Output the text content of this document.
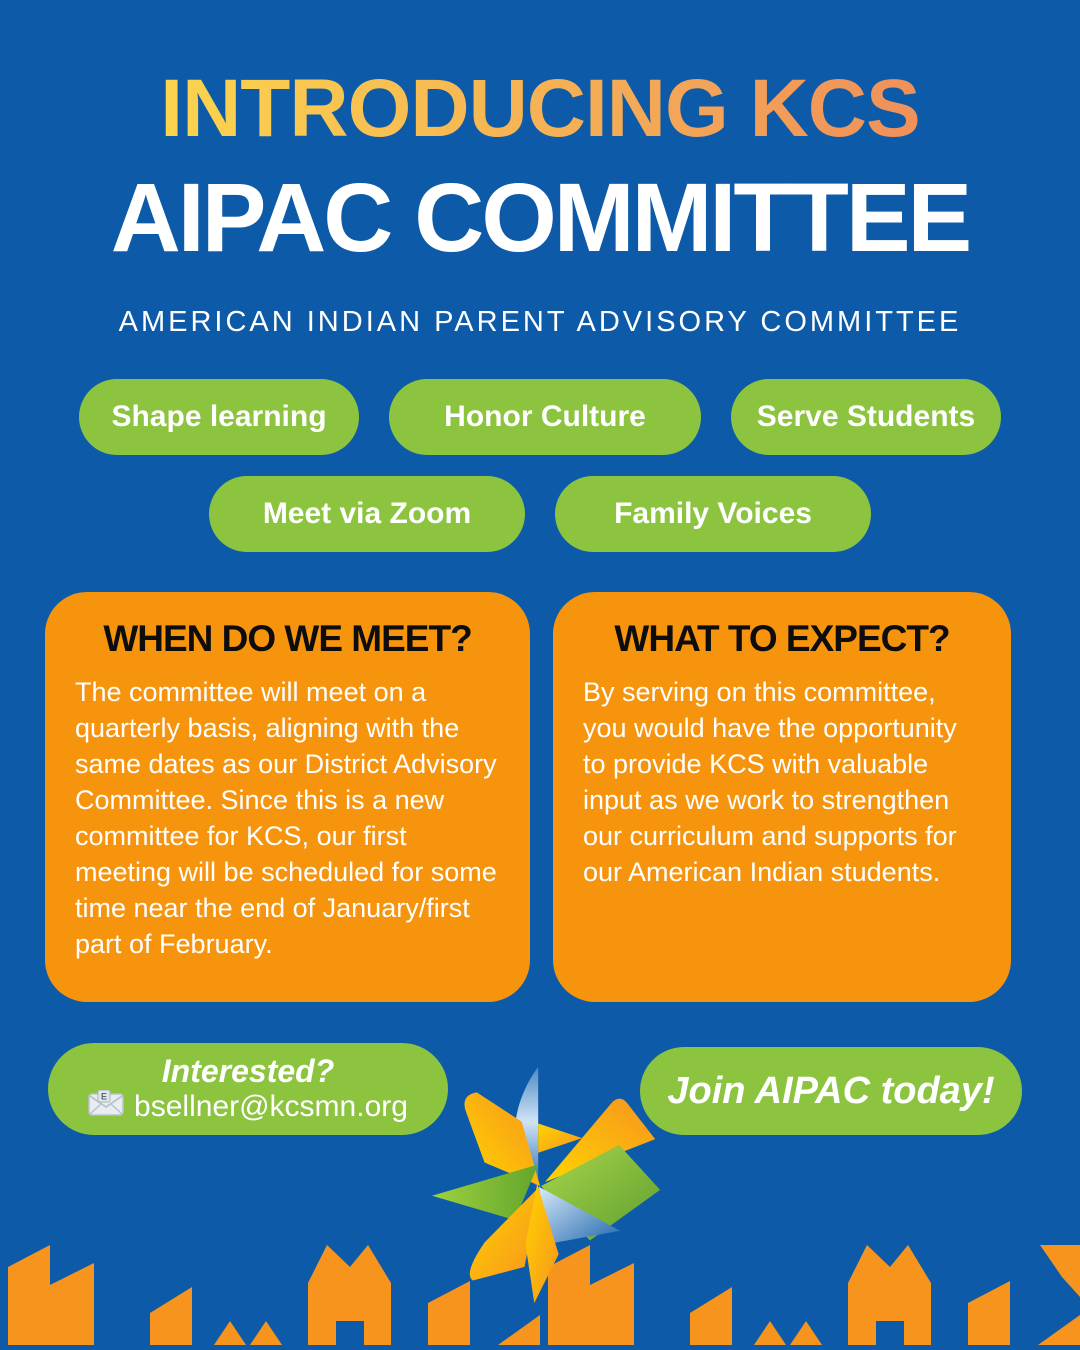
INTRODUCING KCS
AIPAC COMMITTEE
AMERICAN INDIAN PARENT ADVISORY COMMITTEE
Shape learning	Honor Culture	Serve Students
Meet via Zoom	Family Voices
WHEN DO WE MEET?

The committee will meet on a quarterly basis, aligning with the same dates as our District Advisory Committee. Since this is a new committee for KCS, our first meeting will be scheduled for some time near the end of January/first part of February.

WHAT TO EXPECT?

By serving on this committee, you would have the opportunity to provide KCS with valuable input as we work to strengthen our curriculum and supports for our American Indian students.

Interested?
E bsellner@kcsmn.org	Join AIPAC today!
